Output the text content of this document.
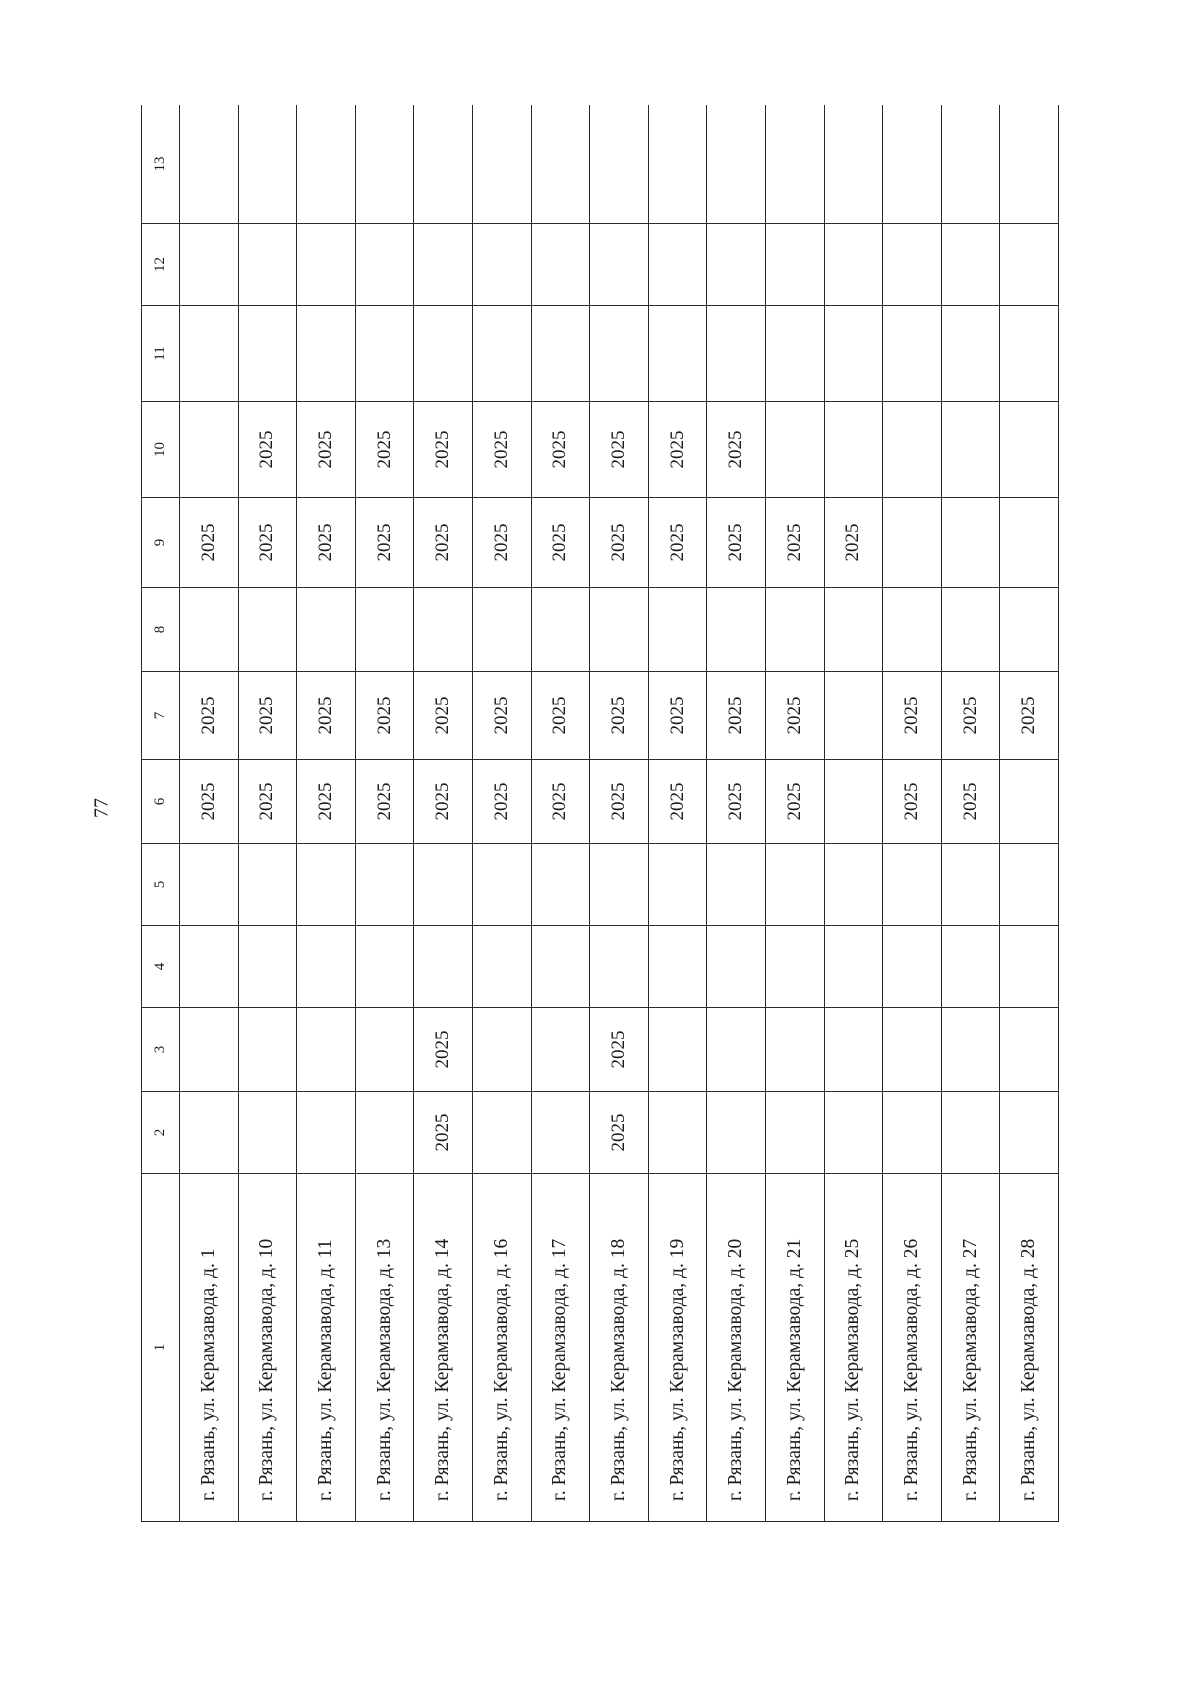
77
1	2	3	4	5	6	7	8	9	10	11	12	13
г. Рязань, ул. Керамзавода, д. 1					2025	2025		2025				
г. Рязань, ул. Керамзавода, д. 10					2025	2025		2025	2025			
г. Рязань, ул. Керамзавода, д. 11					2025	2025		2025	2025			
г. Рязань, ул. Керамзавода, д. 13					2025	2025		2025	2025			
г. Рязань, ул. Керамзавода, д. 14	2025	2025			2025	2025		2025	2025			
г. Рязань, ул. Керамзавода, д. 16					2025	2025		2025	2025			
г. Рязань, ул. Керамзавода, д. 17					2025	2025		2025	2025			
г. Рязань, ул. Керамзавода, д. 18	2025	2025			2025	2025		2025	2025			
г. Рязань, ул. Керамзавода, д. 19					2025	2025		2025	2025			
г. Рязань, ул. Керамзавода, д. 20					2025	2025		2025	2025			
г. Рязань, ул. Керамзавода, д. 21					2025	2025		2025				
г. Рязань, ул. Керамзавода, д. 25								2025				
г. Рязань, ул. Керамзавода, д. 26					2025	2025						
г. Рязань, ул. Керамзавода, д. 27					2025	2025						
г. Рязань, ул. Керамзавода, д. 28						2025						
